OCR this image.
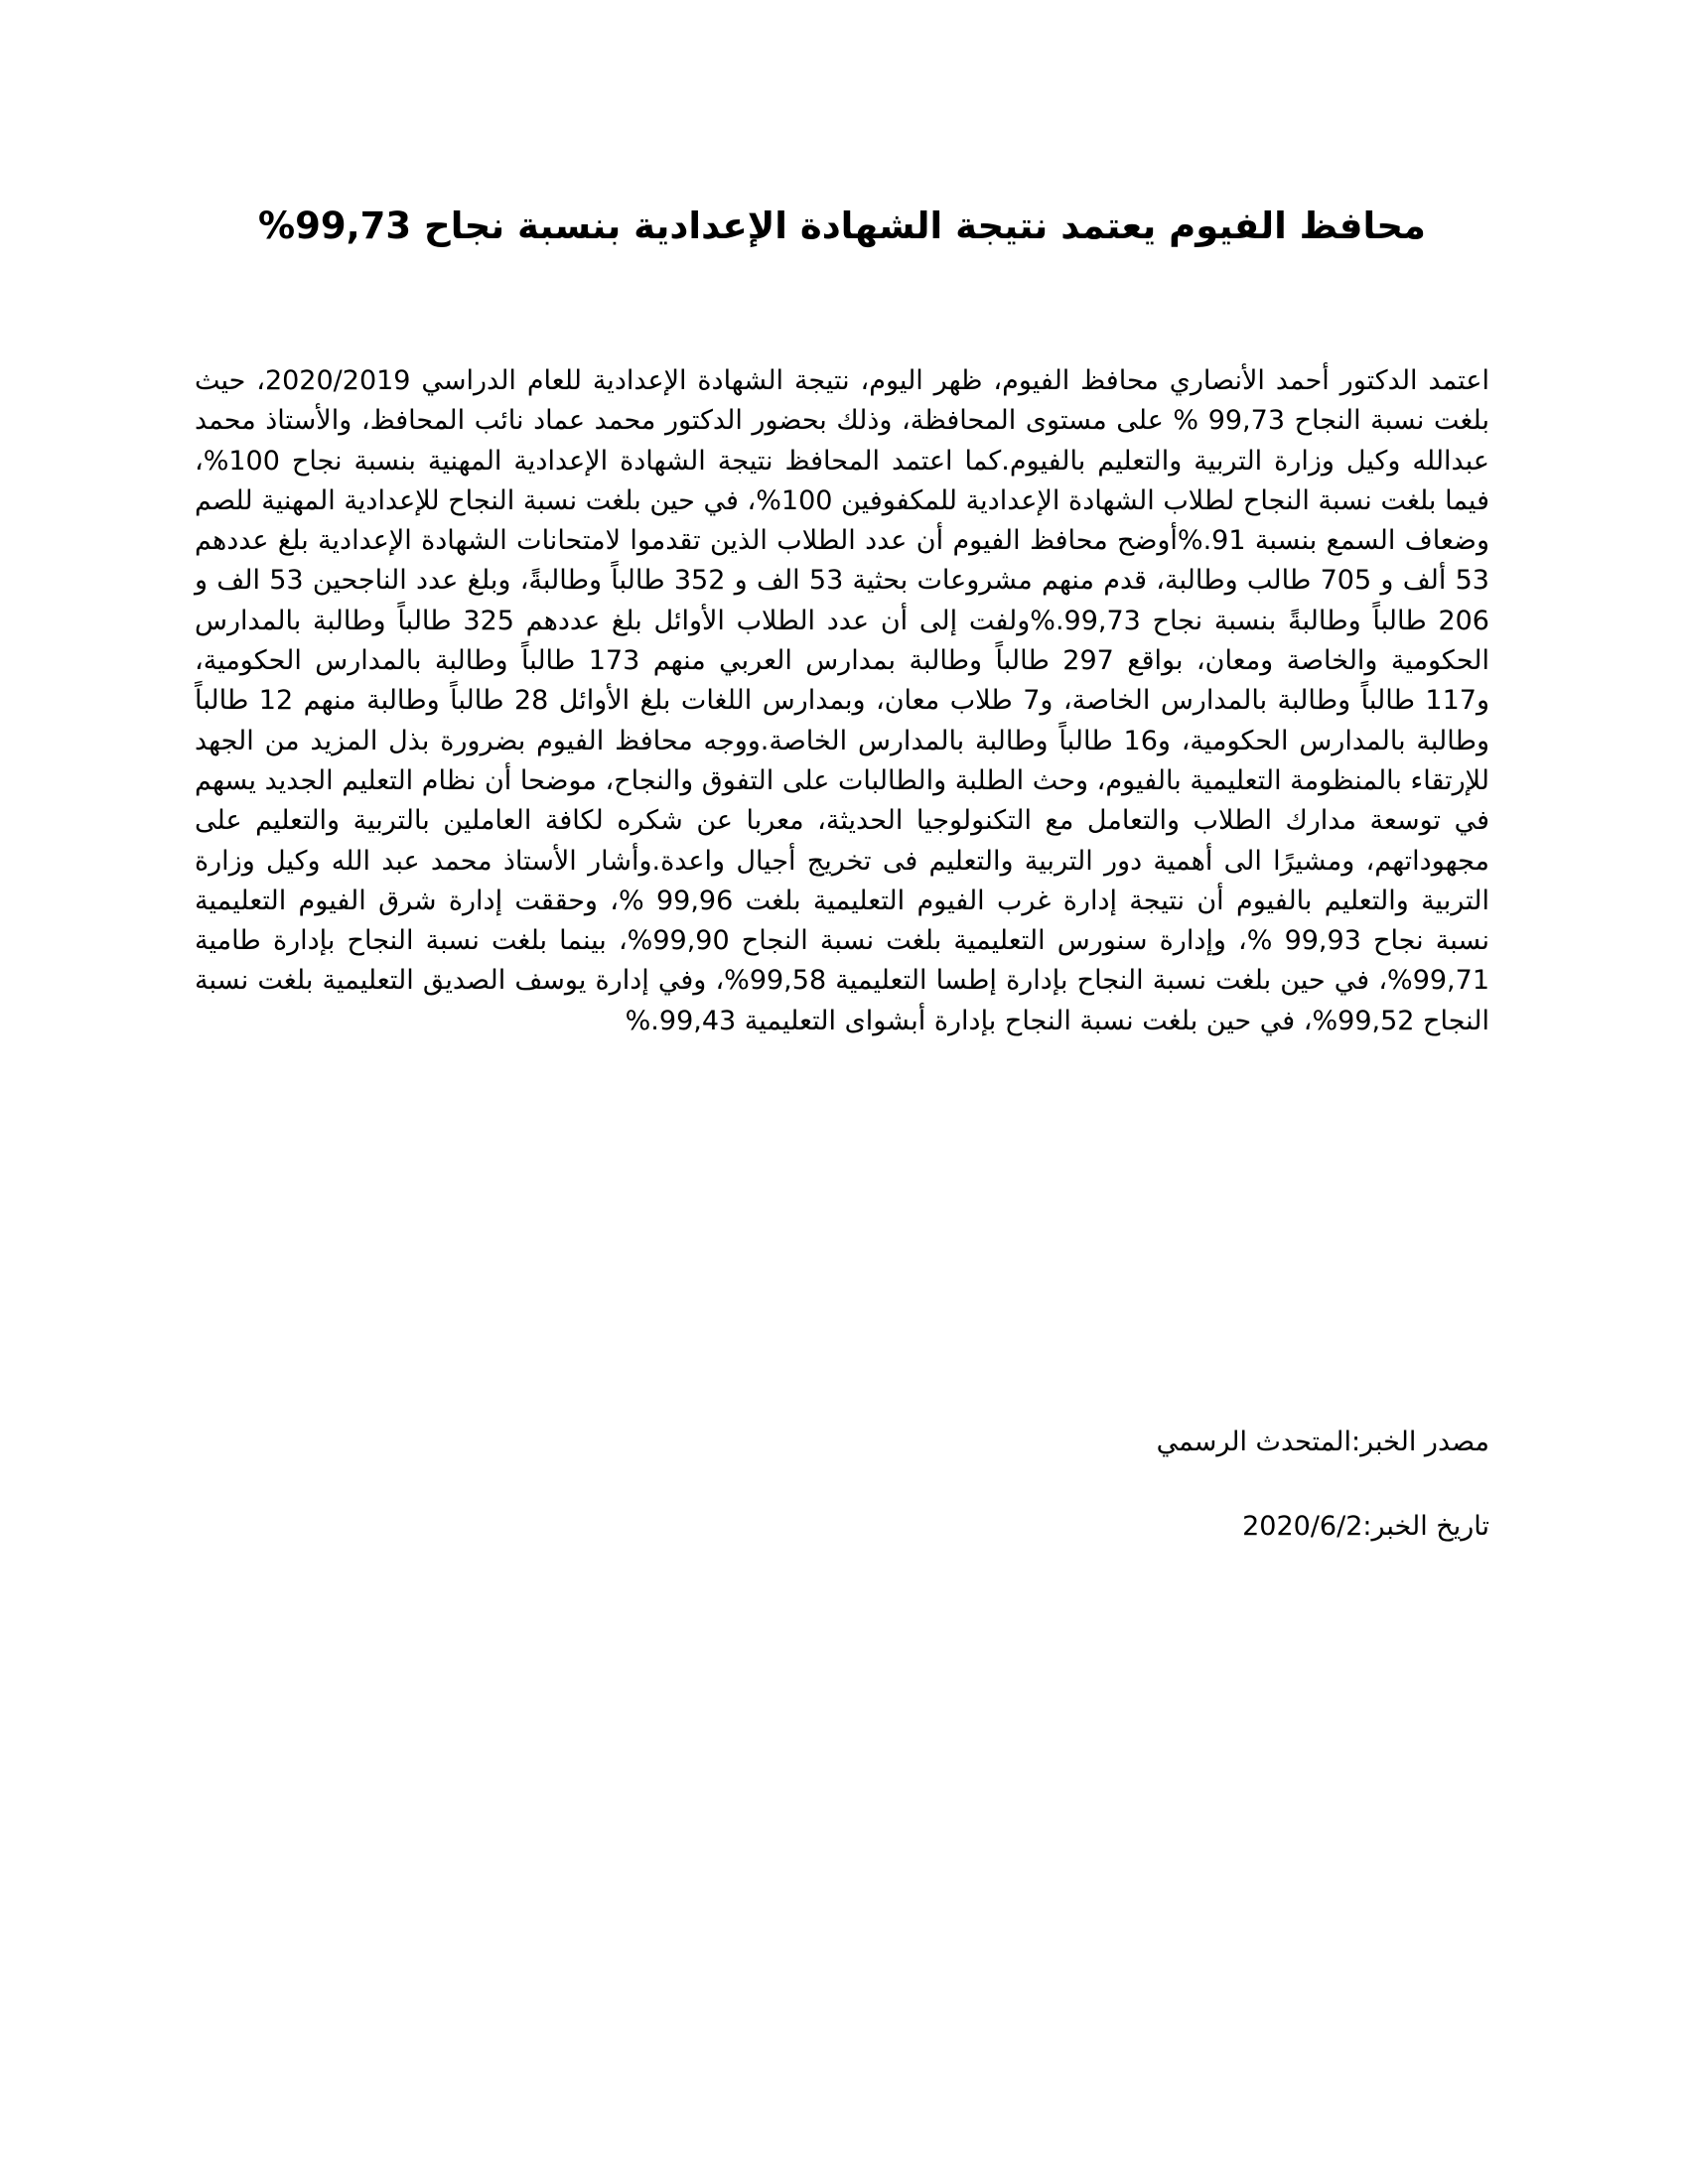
محافظ الفيوم يعتمد نتيجة الشهادة الإعدادية بنسبة نجاح 99,73%

اعتمد الدكتور أحمد الأنصاري محافظ الفيوم، ظهر اليوم، نتيجة الشهادة الإعدادية للعام الدراسي 2020/2019، حيث بلغت نسبة النجاح 99,73 % على مستوى المحافظة، وذلك بحضور الدكتور محمد عماد نائب المحافظ، والأستاذ محمد عبدالله وكيل وزارة التربية والتعليم بالفيوم.كما اعتمد المحافظ نتيجة الشهادة الإعدادية المهنية بنسبة نجاح 100%، فيما بلغت نسبة النجاح لطلاب الشهادة الإعدادية للمكفوفين 100%، في حين بلغت نسبة النجاح للإعدادية المهنية للصم وضعاف السمع بنسبة 91.%أوضح محافظ الفيوم أن عدد الطلاب الذين تقدموا لامتحانات الشهادة الإعدادية بلغ عددهم 53 ألف و 705 طالب وطالبة، قدم منهم مشروعات بحثية 53 الف و 352 طالباً وطالبةً، وبلغ عدد الناجحين 53 الف و 206 طالباً وطالبةً بنسبة نجاح 99,73.%ولفت إلى أن عدد الطلاب الأوائل بلغ عددهم 325 طالباً وطالبة بالمدارس الحكومية والخاصة ومعان، بواقع 297 طالباً وطالبة بمدارس العربي منهم 173 طالباً وطالبة بالمدارس الحكومية، و117 طالباً وطالبة بالمدارس الخاصة، و7 طلاب معان، وبمدارس اللغات بلغ الأوائل 28 طالباً وطالبة منهم 12 طالباً وطالبة بالمدارس الحكومية، و16 طالباً وطالبة بالمدارس الخاصة.ووجه محافظ الفيوم بضرورة بذل المزيد من الجهد للإرتقاء بالمنظومة التعليمية بالفيوم، وحث الطلبة والطالبات على التفوق والنجاح، موضحا أن نظام التعليم الجديد يسهم في توسعة مدارك الطلاب والتعامل مع التكنولوجيا الحديثة، معربا عن شكره لكافة العاملين بالتربية والتعليم على مجهوداتهم، ومشيرًا الى أهمية دور التربية والتعليم فى تخريج أجيال واعدة.وأشار الأستاذ محمد عبد الله وكيل وزارة التربية والتعليم بالفيوم أن نتيجة إدارة غرب الفيوم التعليمية بلغت 99,96 %، وحققت إدارة شرق الفيوم التعليمية نسبة نجاح 99,93 %، وإدارة سنورس التعليمية بلغت نسبة النجاح 99,90%، بينما بلغت نسبة النجاح بإدارة طامية 99,71%، في حين بلغت نسبة النجاح بإدارة إطسا التعليمية 99,58%، وفي إدارة يوسف الصديق التعليمية بلغت نسبة النجاح 99,52%، في حين بلغت نسبة النجاح بإدارة أبشواى التعليمية 99,43.%

مصدر الخبر:المتحدث الرسمي

تاريخ الخبر:2020/6/2
